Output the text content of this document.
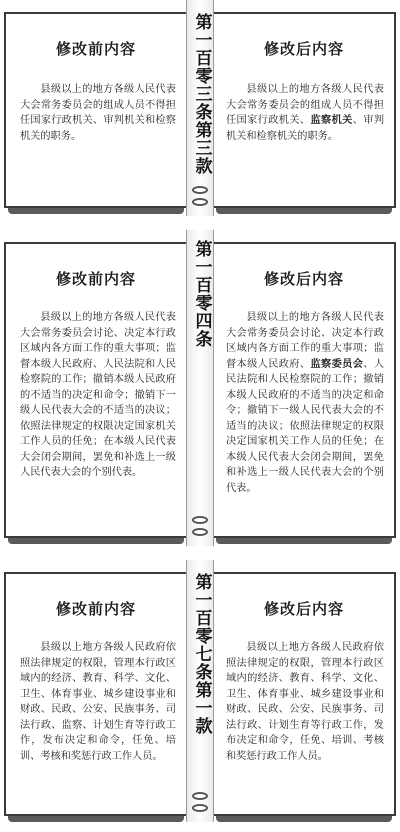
修改前内容
县级以上的地方各级人民代表大会常务委员会的组成人员不得担任国家行政机关、审判机关和检察机关的职务。
修改后内容
县级以上的地方各级人民代表大会常务委员会的组成人员不得担任国家行政机关、监察机关、审判机关和检察机关的职务。
第一百零三条第三款
修改前内容
县级以上的地方各级人民代表大会常务委员会讨论、决定本行政区域内各方面工作的重大事项；监督本级人民政府、人民法院和人民检察院的工作；撤销本级人民政府的不适当的决定和命令；撤销下一级人民代表大会的不适当的决议；依照法律规定的权限决定国家机关工作人员的任免；在本级人民代表大会闭会期间，罢免和补选上一级人民代表大会的个别代表。
修改后内容
县级以上的地方各级人民代表大会常务委员会讨论、决定本行政区域内各方面工作的重大事项；监督本级人民政府、监察委员会、人民法院和人民检察院的工作；撤销本级人民政府的不适当的决定和命令；撤销下一级人民代表大会的不适当的决议；依照法律规定的权限决定国家机关工作人员的任免；在本级人民代表大会闭会期间，罢免和补选上一级人民代表大会的个别代表。
第一百零四条
修改前内容
县级以上地方各级人民政府依照法律规定的权限，管理本行政区域内的经济、教育、科学、文化、卫生、体育事业、城乡建设事业和财政、民政、公安、民族事务、司法行政、监察、计划生育等行政工作，发布决定和命令，任免、培训、考核和奖惩行政工作人员。
修改后内容
县级以上地方各级人民政府依照法律规定的权限，管理本行政区域内的经济、教育、科学、文化、卫生、体育事业、城乡建设事业和财政、民政、公安、民族事务、司法行政、计划生育等行政工作，发布决定和命令，任免、培训、考核和奖惩行政工作人员。
第一百零七条第一款
